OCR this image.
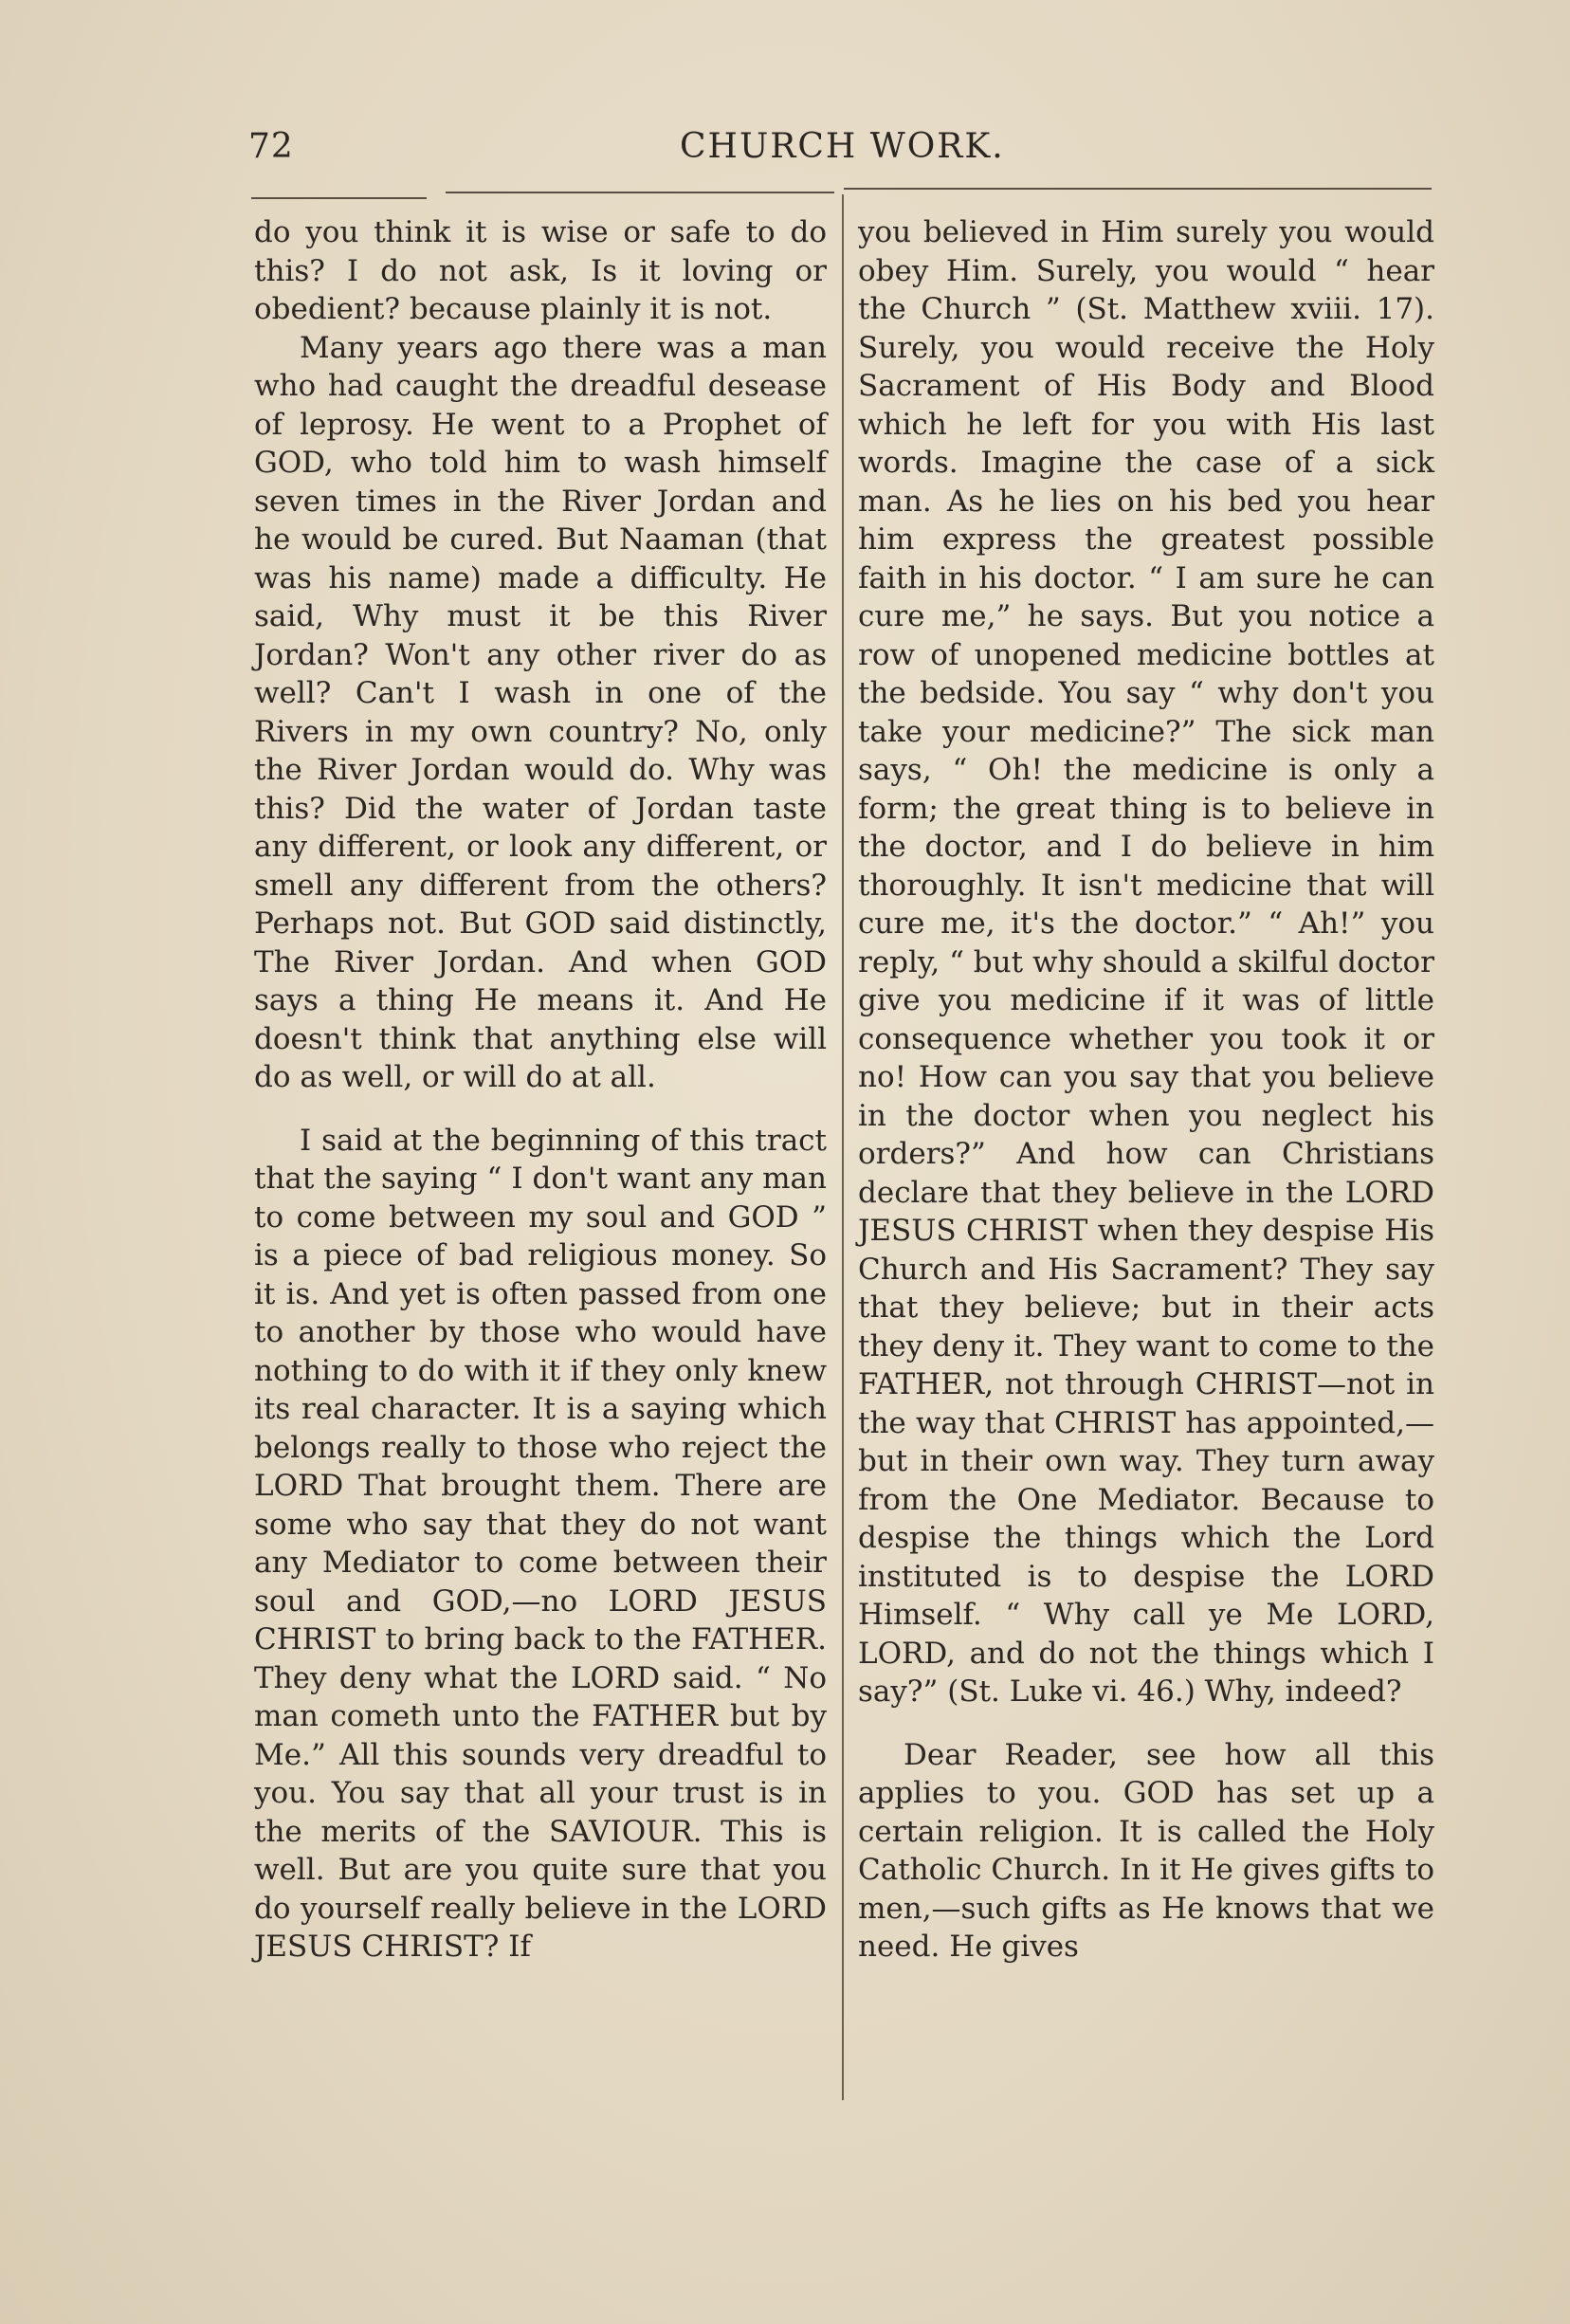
72	CHURCH WORK.

do you think it is wise or safe to do this? I do not ask, Is it loving or obedient? because plainly it is not.

Many years ago there was a man who had caught the dreadful desease of leprosy. He went to a Prophet of GOD, who told him to wash himself seven times in the River Jordan and he would be cured. But Naaman (that was his name) made a difficulty. He said, Why must it be this River Jordan? Won't any other river do as well? Can't I wash in one of the Rivers in my own country? No, only the River Jordan would do. Why was this? Did the water of Jordan taste any different, or look any different, or smell any different from the others? Perhaps not. But GOD said distinctly, The River Jordan. And when GOD says a thing He means it. And He doesn't think that anything else will do as well, or will do at all.

I said at the beginning of this tract that the saying “ I don't want any man to come between my soul and GOD ” is a piece of bad religious money. So it is. And yet is often passed from one to another by those who would have nothing to do with it if they only knew its real character. It is a saying which belongs really to those who reject the LORD That brought them. There are some who say that they do not want any Mediator to come between their soul and GOD,—no LORD JESUS CHRIST to bring back to the FATHER. They deny what the LORD said. “ No man cometh unto the FATHER but by Me.” All this sounds very dreadful to you. You say that all your trust is in the merits of the SAVIOUR. This is well. But are you quite sure that you do yourself really believe in the LORD JESUS CHRIST? If

you believed in Him surely you would obey Him. Surely, you would “ hear the Church ” (St. Matthew xviii. 17). Surely, you would receive the Holy Sacrament of His Body and Blood which he left for you with His last words. Imagine the case of a sick man. As he lies on his bed you hear him express the greatest possible faith in his doctor. “ I am sure he can cure me,” he says. But you notice a row of unopened medicine bottles at the bedside. You say “ why don't you take your medicine?” The sick man says, “ Oh! the medicine is only a form; the great thing is to believe in the doctor, and I do believe in him thoroughly. It isn't medicine that will cure me, it's the doctor.” “ Ah!” you reply, “ but why should a skilful doctor give you medicine if it was of little consequence whether you took it or no! How can you say that you believe in the doctor when you neglect his orders?” And how can Christians declare that they believe in the LORD JESUS CHRIST when they despise His Church and His Sacrament? They say that they believe; but in their acts they deny it. They want to come to the FATHER, not through CHRIST—not in the way that CHRIST has appointed,—but in their own way. They turn away from the One Mediator. Because to despise the things which the Lord instituted is to despise the LORD Himself. “ Why call ye Me LORD, LORD, and do not the things which I say?” (St. Luke vi. 46.) Why, indeed?

Dear Reader, see how all this applies to you. GOD has set up a certain religion. It is called the Holy Catholic Church. In it He gives gifts to men,—such gifts as He knows that we need. He gives
